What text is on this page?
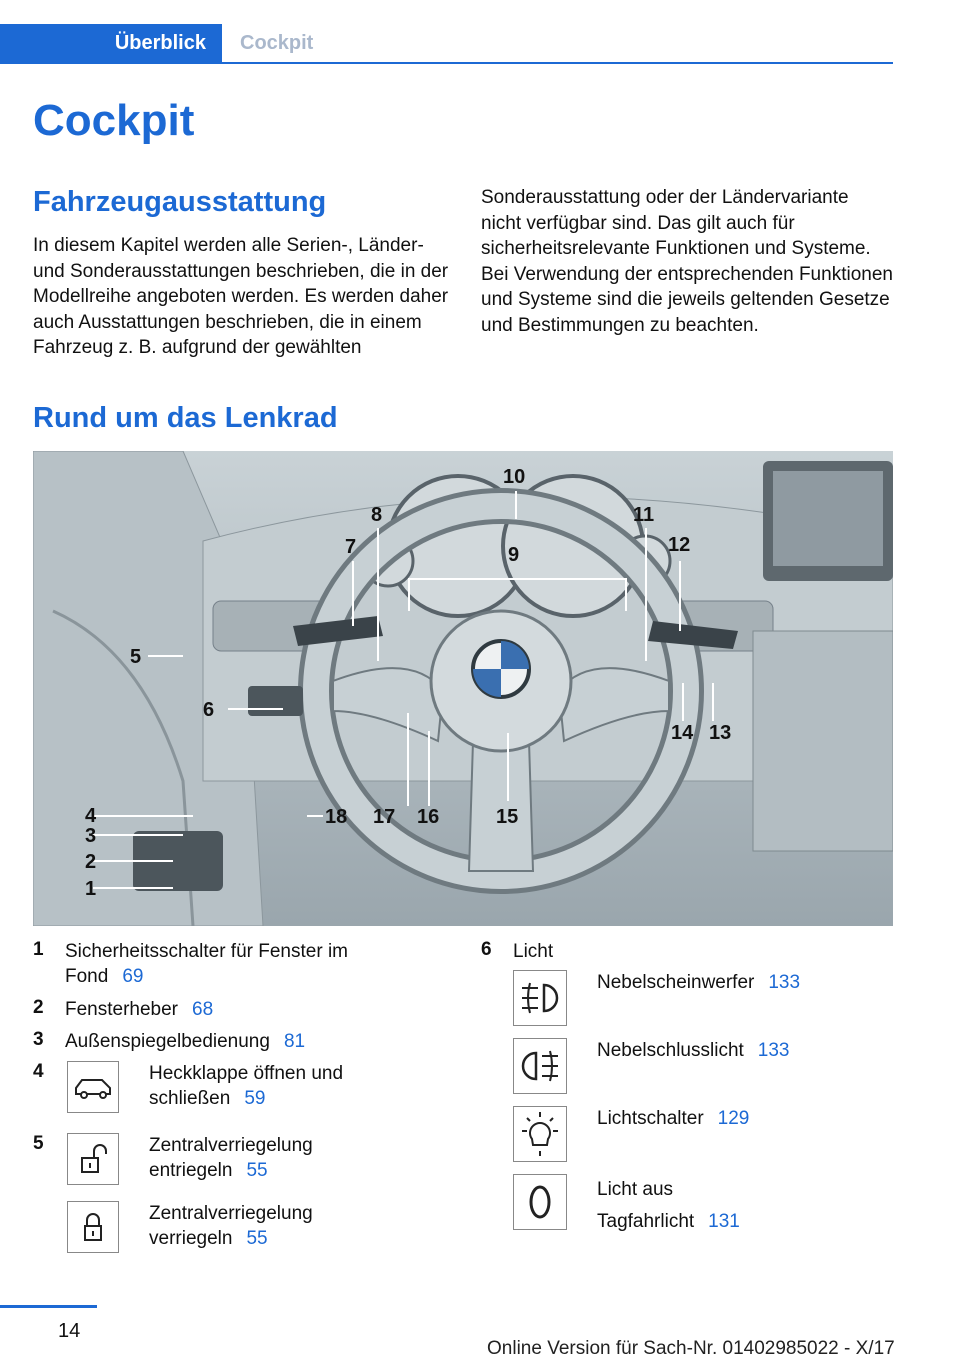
Überblick	Cockpit
Cockpit
Fahrzeugausstattung

In diesem Kapitel werden alle Serien-, Länder- und Sonderausstattungen beschrieben, die in der Modellreihe angeboten werden. Es werden daher auch Ausstattungen beschrieben, die in einem Fahrzeug z. B. aufgrund der gewählten

Sonderausstattung oder der Ländervariante nicht verfügbar sind. Das gilt auch für sicherheitsrelevante Funktionen und Systeme. Bei Verwendung der entsprechenden Funktionen und Systeme sind die jeweils geltenden Gesetze und Bestimmungen zu beachten.

Rund um das Lenkrad
1
2
3
4
5
6
7
8
9
10
11
12
13
14
15
16
17
18
1 Sicherheitsschalter für Fenster im Fond 69
2 Fensterheber 68
3 Außenspiegelbedienung 81
4	Heckklappe öffnen und schließen 59
5	Zentralverriegelung entriegeln 55
Zentralverriegelung verriegeln 55
6 Licht
Nebelscheinwerfer 133
Nebelschlusslicht 133
Lichtschalter 129
Licht aus
Tagfahrlicht 131
14
Online Version für Sach-Nr. 01402985022 - X/17
